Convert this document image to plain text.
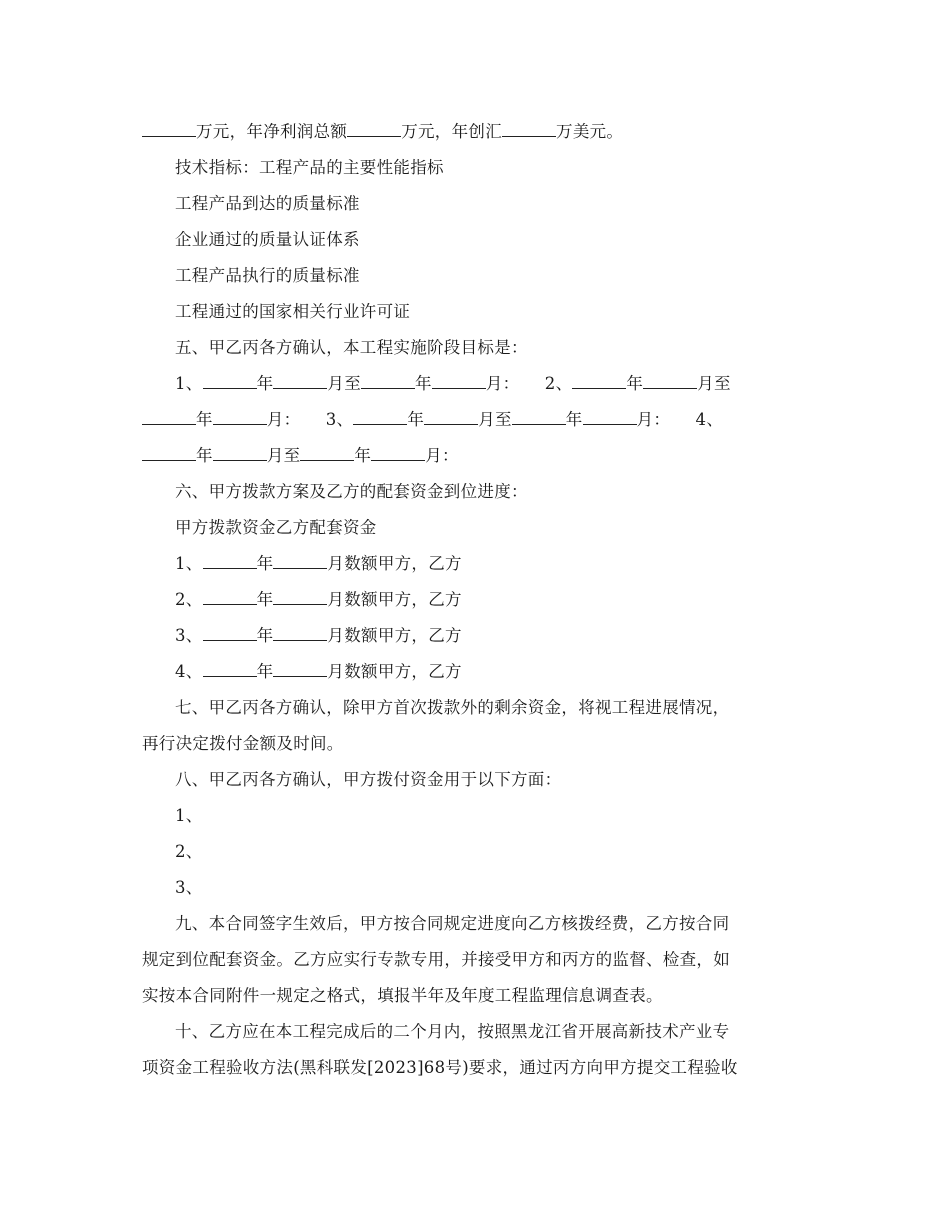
万元，年净利润总额	万元，年创汇	万美元。
技术指标：工程产品的主要性能指标
工程产品到达的质量标准
企业通过的质量认证体系
工程产品执行的质量标准
工程通过的国家相关行业许可证
五、甲乙丙各方确认，本工程实施阶段目标是：
1、	年	月至	年	月：　　2、	年	月至
年	月：　　3、	年	月至	年	月：　　4、
年	月至	年	月：
六、甲方拨款方案及乙方的配套资金到位进度：
甲方拨款资金乙方配套资金
1、	年	月数额甲方，乙方
2、	年	月数额甲方，乙方
3、	年	月数额甲方，乙方
4、	年	月数额甲方，乙方
七、甲乙丙各方确认，除甲方首次拨款外的剩余资金，将视工程进展情况，
再行决定拨付金额及时间。
八、甲乙丙各方确认，甲方拨付资金用于以下方面：
1、
2、
3、
九、本合同签字生效后，甲方按合同规定进度向乙方核拨经费，乙方按合同
规定到位配套资金。乙方应实行专款专用，并接受甲方和丙方的监督、检查，如
实按本合同附件一规定之格式，填报半年及年度工程监理信息调查表。
十、乙方应在本工程完成后的二个月内，按照黑龙江省开展高新技术产业专
项资金工程验收方法(黑科联发[2023]68号)要求，通过丙方向甲方提交工程验收
